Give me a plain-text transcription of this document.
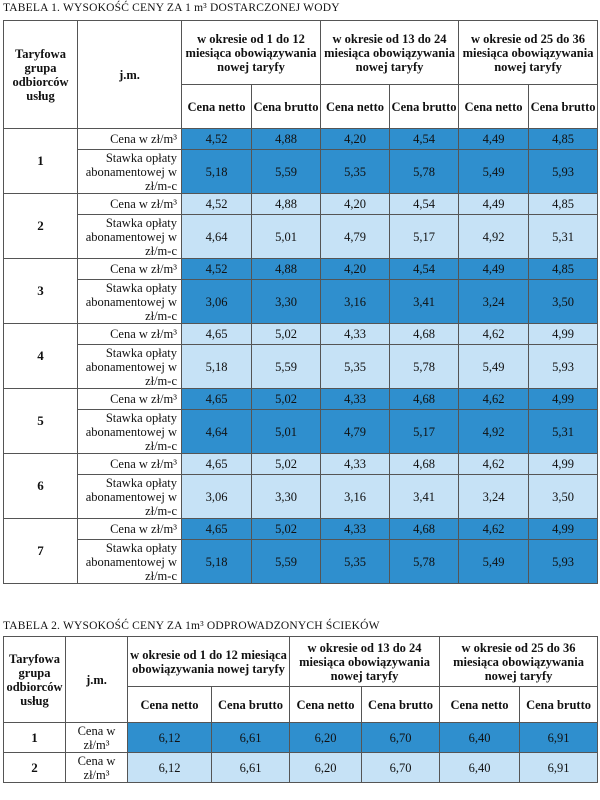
TABELA 1. WYSOKOŚĆ CENY ZA 1 m³ DOSTARCZONEJ WODY
Taryfowa grupa odbiorców usług	j.m.	w okresie od 1 do 12 miesiąca obowiązywania nowej taryfy		w okresie od 13 do 24 miesiąca obowiązywania nowej taryfy		w okresie od 25 do 36 miesiąca obowiązywania nowej taryfy	
		Cena netto	Cena brutto	Cena netto	Cena brutto	Cena netto	Cena brutto
1	Cena w zł/m³	4,52	4,88	4,20	4,54	4,49	4,85
	Stawka opłaty abonamentowej w zł/m-c	5,18	5,59	5,35	5,78	5,49	5,93
2	Cena w zł/m³	4,52	4,88	4,20	4,54	4,49	4,85
	Stawka opłaty abonamentowej w zł/m-c	4,64	5,01	4,79	5,17	4,92	5,31
3	Cena w zł/m³	4,52	4,88	4,20	4,54	4,49	4,85
	Stawka opłaty abonamentowej w zł/m-c	3,06	3,30	3,16	3,41	3,24	3,50
4	Cena w zł/m³	4,65	5,02	4,33	4,68	4,62	4,99
	Stawka opłaty abonamentowej w zł/m-c	5,18	5,59	5,35	5,78	5,49	5,93
5	Cena w zł/m³	4,65	5,02	4,33	4,68	4,62	4,99
	Stawka opłaty abonamentowej w zł/m-c	4,64	5,01	4,79	5,17	4,92	5,31
6	Cena w zł/m³	4,65	5,02	4,33	4,68	4,62	4,99
	Stawka opłaty abonamentowej w zł/m-c	3,06	3,30	3,16	3,41	3,24	3,50
7	Cena w zł/m³	4,65	5,02	4,33	4,68	4,62	4,99
	Stawka opłaty abonamentowej w zł/m-c	5,18	5,59	5,35	5,78	5,49	5,93
TABELA 2. WYSOKOŚĆ CENY ZA 1m³ ODPROWADZONYCH ŚCIEKÓW
Taryfowa grupa odbiorców usług	j.m.	w okresie od 1 do 12 miesiąca obowiązywania nowej taryfy		w okresie od 13 do 24 miesiąca obowiązywania nowej taryfy		w okresie od 25 do 36 miesiąca obowiązywania nowej taryfy	
		Cena netto	Cena brutto	Cena netto	Cena brutto	Cena netto	Cena brutto
1	Cena w zł/m³	6,12	6,61	6,20	6,70	6,40	6,91
2	Cena w zł/m³	6,12	6,61	6,20	6,70	6,40	6,91
